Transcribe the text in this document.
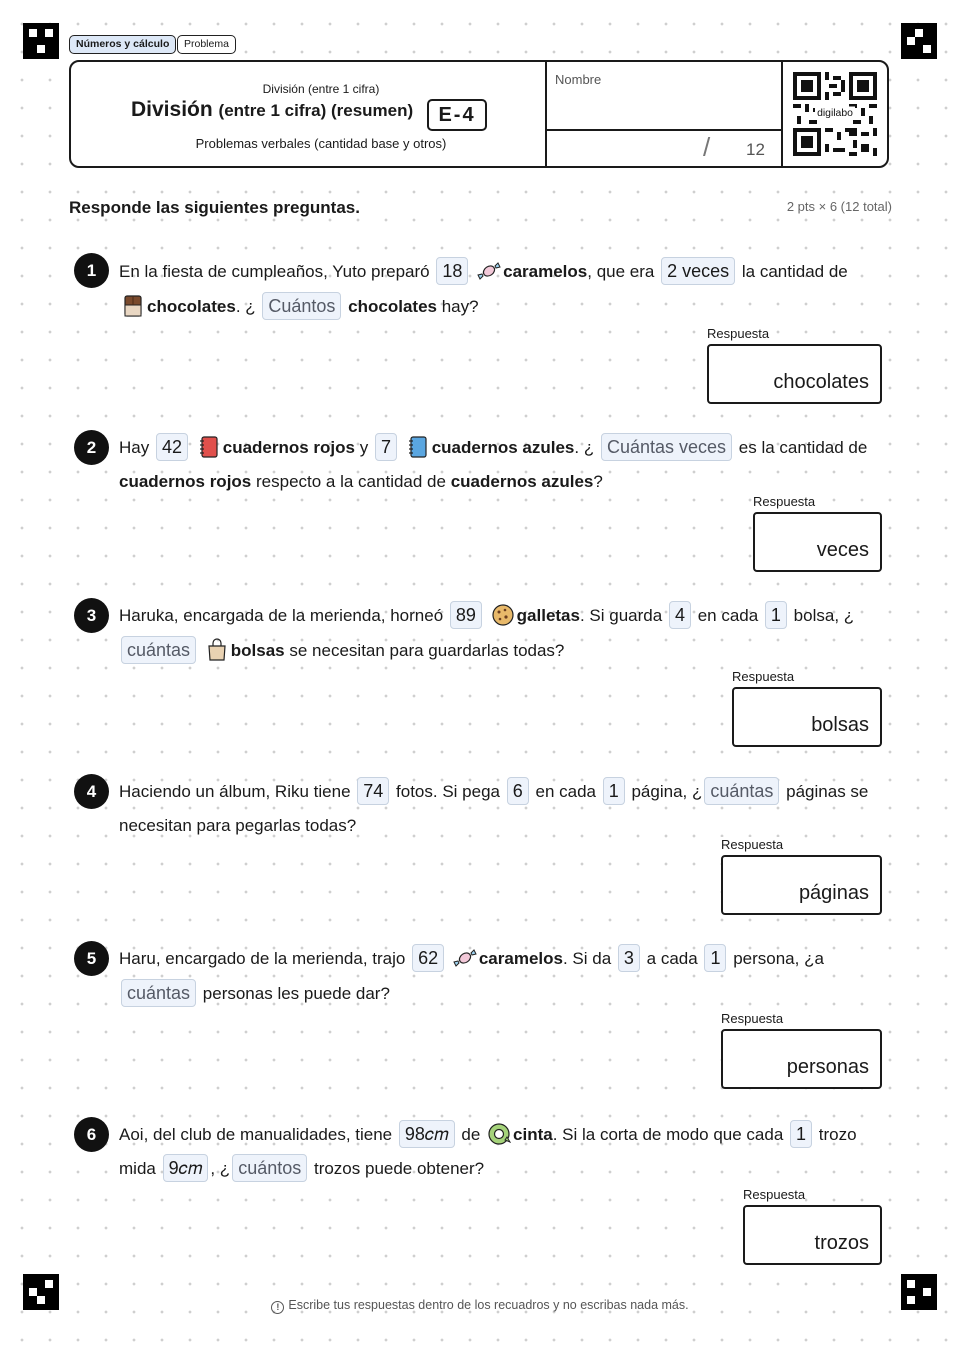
Números y cálculo	Problema
División (entre 1 cifra)
División (entre 1 cifra) (resumen)	E-4
Problemas verbales (cantidad base y otros)
Nombre
/ 12
digilabo
Responde las siguientes preguntas.	2 pts × 6 (12 total)
1	En la fiesta de cumpleaños, Yuto preparó 18 caramelos, que era 2 veces la cantidad de
chocolates. ¿ Cuántos chocolates hay?
Respuesta
chocolates
2	Hay 42 cuadernos rojos y 7 cuadernos azules. ¿ Cuántas veces es la cantidad de
cuadernos rojos respecto a la cantidad de cuadernos azules?
Respuesta
veces
3	Haruka, encargada de la merienda, horneó 89 galletas. Si guarda 4 en cada 1 bolsa, ¿
cuántas bolsas se necesitan para guardarlas todas?
Respuesta
bolsas
4	Haciendo un álbum, Riku tiene 74 fotos. Si pega 6 en cada 1 página, ¿ cuántas páginas se
necesitan para pegarlas todas?
Respuesta
páginas
5	Haru, encargado de la merienda, trajo 62 caramelos. Si da 3 a cada 1 persona, ¿a
cuántas personas les puede dar?
Respuesta
personas
6	Aoi, del club de manualidades, tiene 98𝑐𝑚 de cinta. Si la corta de modo que cada 1 trozo
mida 9𝑐𝑚 , ¿ cuántos trozos puede obtener?
Respuesta
trozos
! Escribe tus respuestas dentro de los recuadros y no escribas nada más.
